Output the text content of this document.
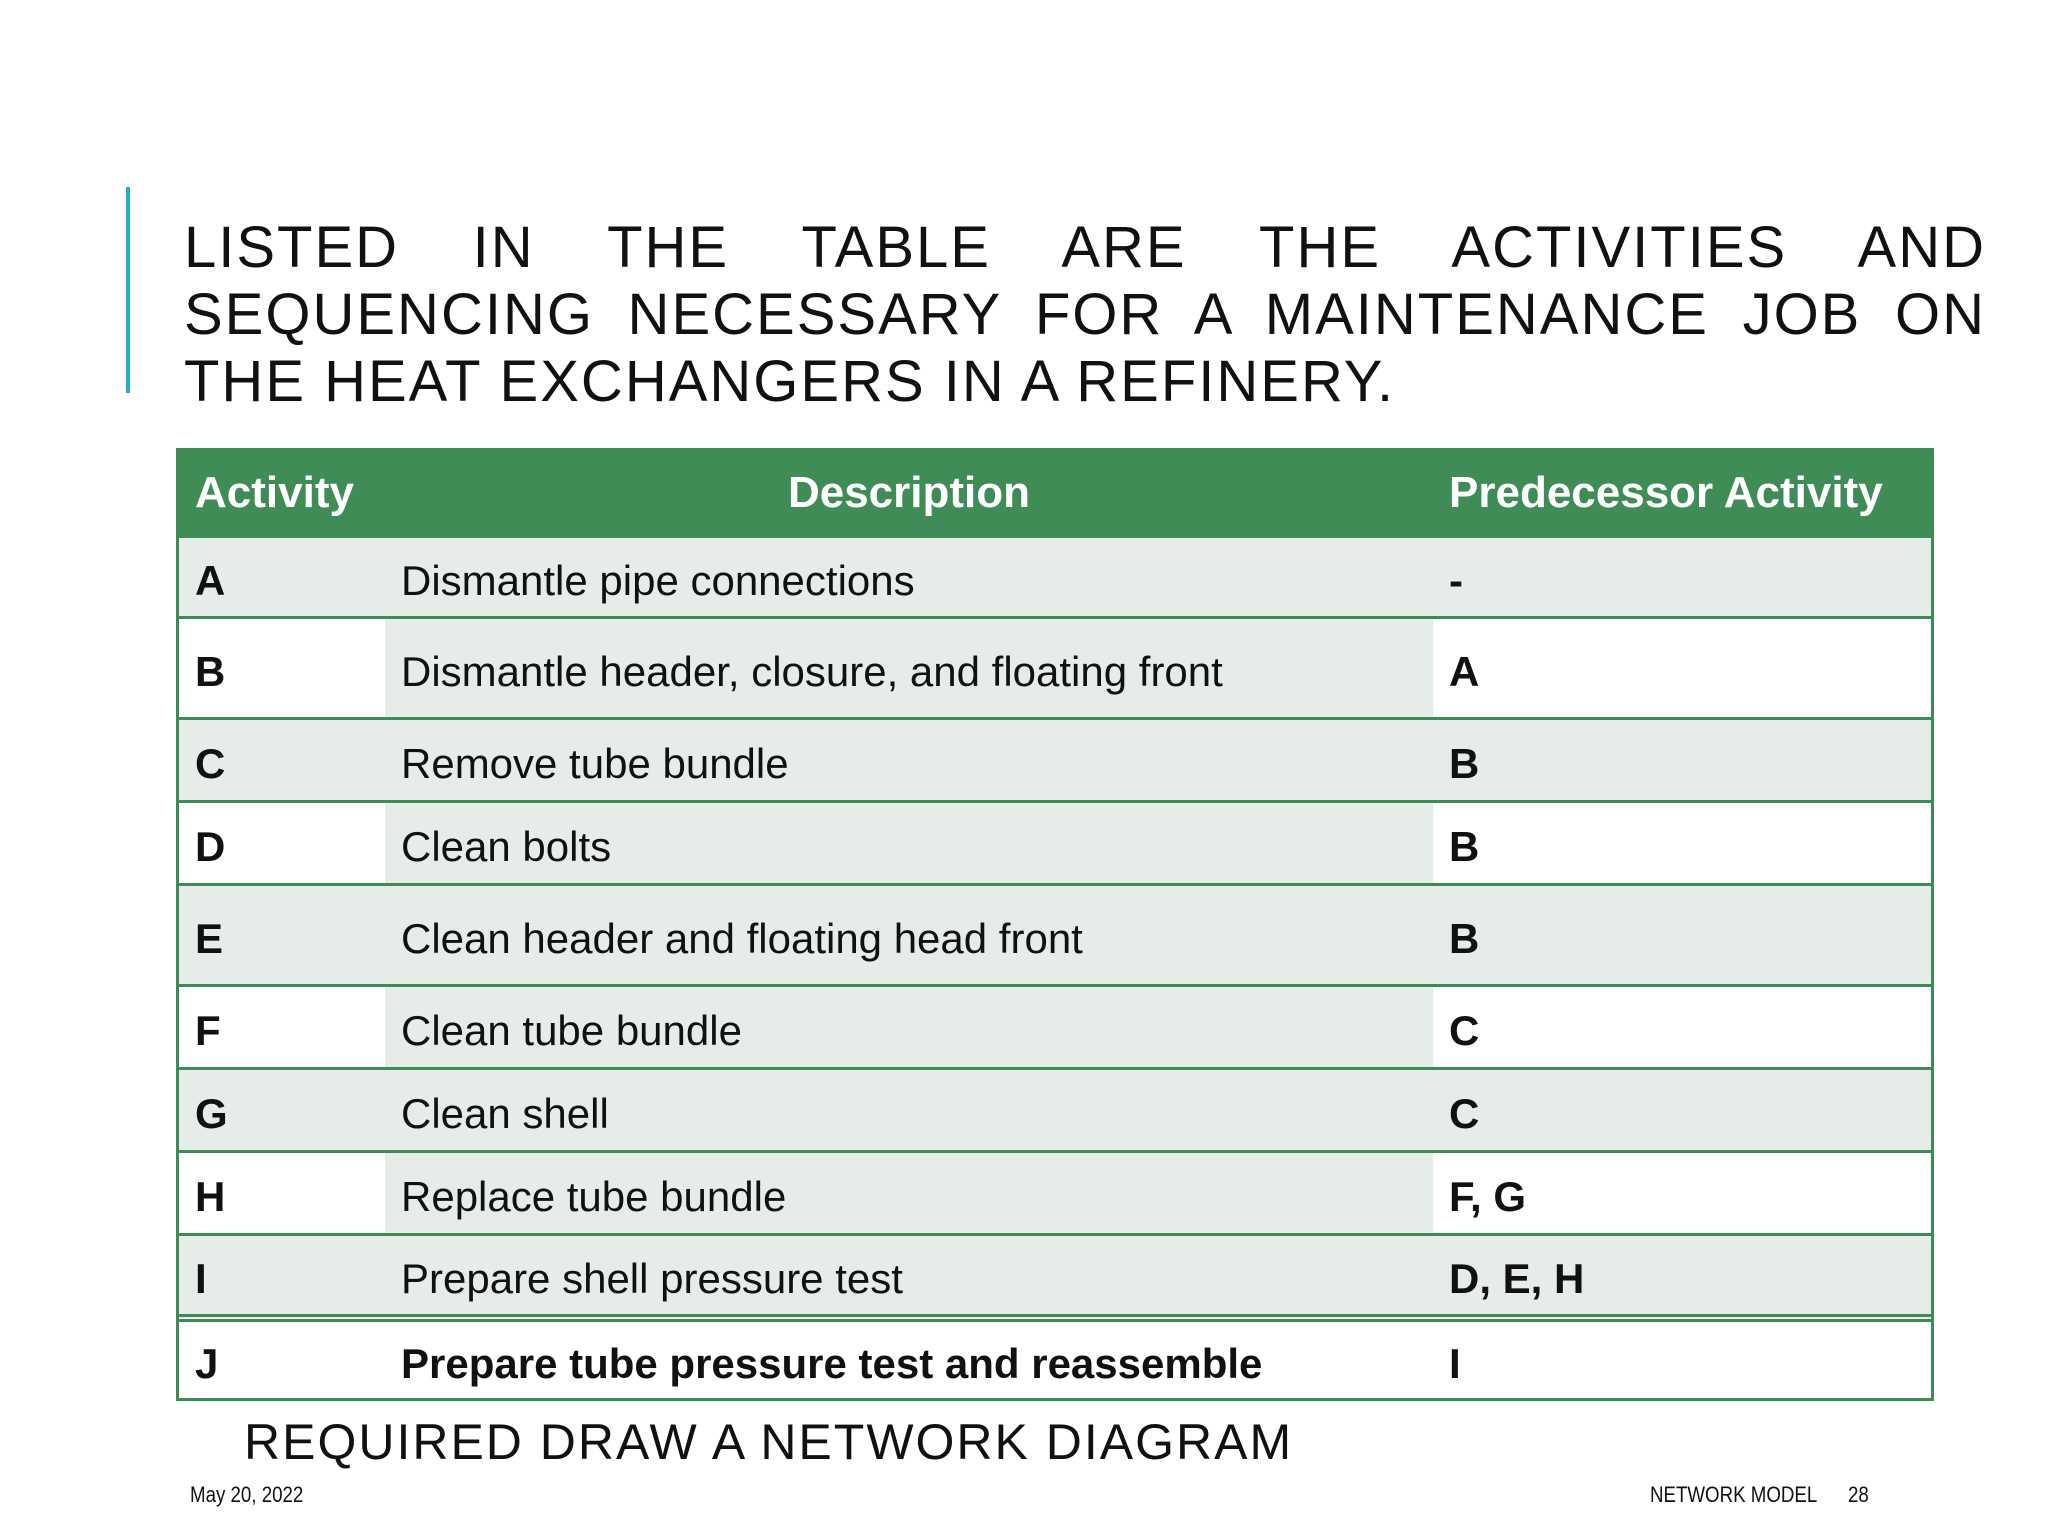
LISTED IN THE TABLE ARE THE ACTIVITIES AND SEQUENCING NECESSARY FOR A MAINTENANCE JOB ON THE HEAT EXCHANGERS IN A REFINERY.
Activity	Description	Predecessor Activity
A	Dismantle pipe connections	-
B	Dismantle header, closure, and floating front	A
C	Remove tube bundle	B
D	Clean bolts	B
E	Clean header and floating head front	B
F	Clean tube bundle	C
G	Clean shell	C
H	Replace tube bundle	F, G
I	Prepare shell pressure test	D, E, H
J	Prepare tube pressure test and reassemble	I
REQUIRED DRAW A NETWORK DIAGRAM
May 20, 2022	NETWORK MODEL 28
